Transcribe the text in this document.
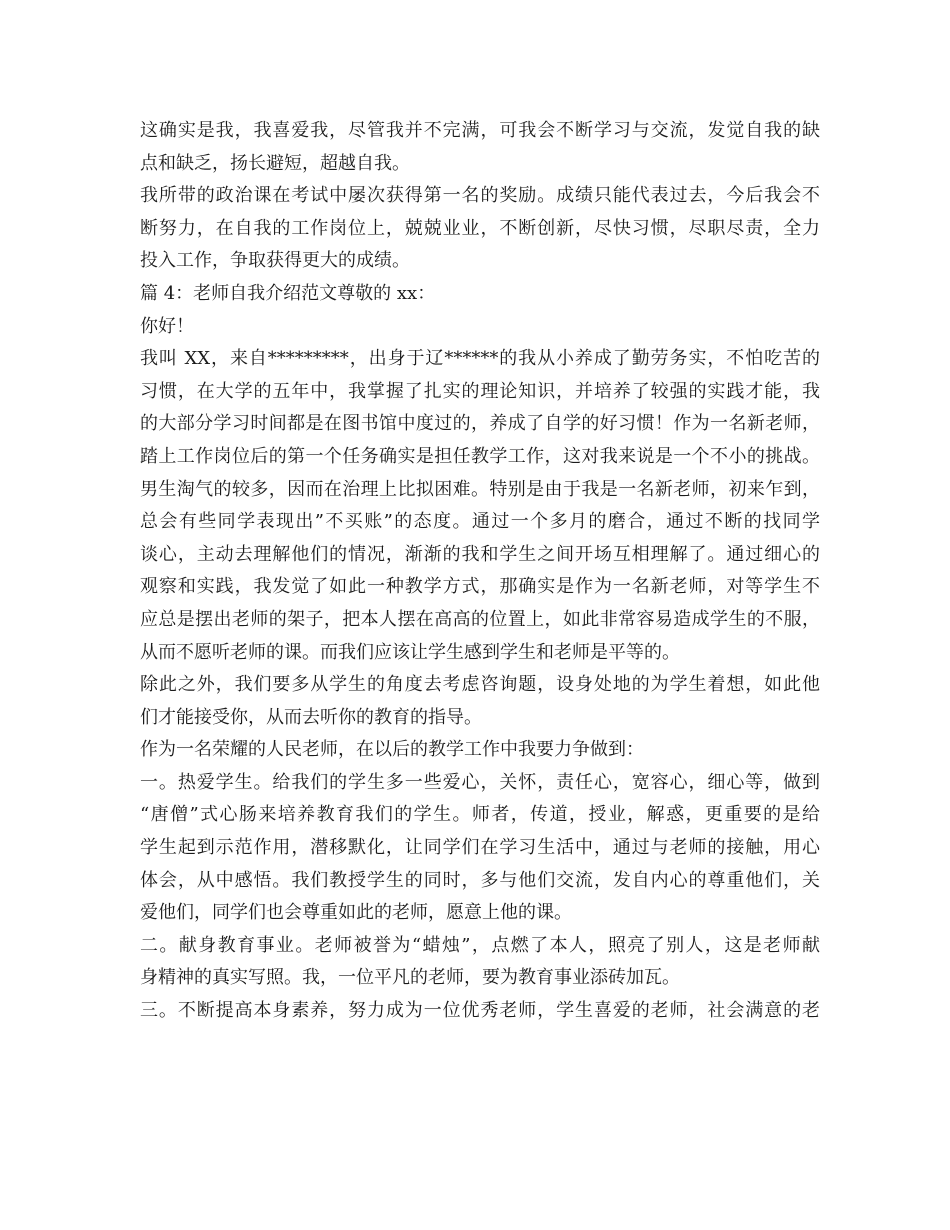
这确实是我，我喜爱我，尽管我并不完满，可我会不断学习与交流，发觉自我的缺
点和缺乏，扬长避短，超越自我。
我所带的政治课在考试中屡次获得第一名的奖励。成绩只能代表过去，今后我会不
断努力，在自我的工作岗位上，兢兢业业，不断创新，尽快习惯，尽职尽责，全力
投入工作，争取获得更大的成绩。
篇 4：老师自我介绍范文尊敬的 xx：
你好！
我叫 XX，来自*********，出身于辽******的我从小养成了勤劳务实，不怕吃苦的
习惯，在大学的五年中，我掌握了扎实的理论知识，并培养了较强的实践才能，我
的大部分学习时间都是在图书馆中度过的，养成了自学的好习惯！作为一名新老师，
踏上工作岗位后的第一个任务确实是担任教学工作，这对我来说是一个不小的挑战。
男生淘气的较多，因而在治理上比拟困难。特别是由于我是一名新老师，初来乍到，
总会有些同学表现出”不买账”的态度。通过一个多月的磨合，通过不断的找同学
谈心，主动去理解他们的情况，渐渐的我和学生之间开场互相理解了。通过细心的
观察和实践，我发觉了如此一种教学方式，那确实是作为一名新老师，对等学生不
应总是摆出老师的架子，把本人摆在高高的位置上，如此非常容易造成学生的不服，
从而不愿听老师的课。而我们应该让学生感到学生和老师是平等的。
除此之外，我们要多从学生的角度去考虑咨询题，设身处地的为学生着想，如此他
们才能接受你，从而去听你的教育的指导。
作为一名荣耀的人民老师，在以后的教学工作中我要力争做到：
一。热爱学生。给我们的学生多一些爱心，关怀，责任心，宽容心，细心等，做到
“唐僧”式心肠来培养教育我们的学生。师者，传道，授业，解惑，更重要的是给
学生起到示范作用，潜移默化，让同学们在学习生活中，通过与老师的接触，用心
体会，从中感悟。我们教授学生的同时，多与他们交流，发自内心的尊重他们，关
爱他们，同学们也会尊重如此的老师，愿意上他的课。
二。献身教育事业。老师被誉为“蜡烛”，点燃了本人，照亮了别人，这是老师献
身精神的真实写照。我，一位平凡的老师，要为教育事业添砖加瓦。
三。不断提高本身素养，努力成为一位优秀老师，学生喜爱的老师，社会满意的老
